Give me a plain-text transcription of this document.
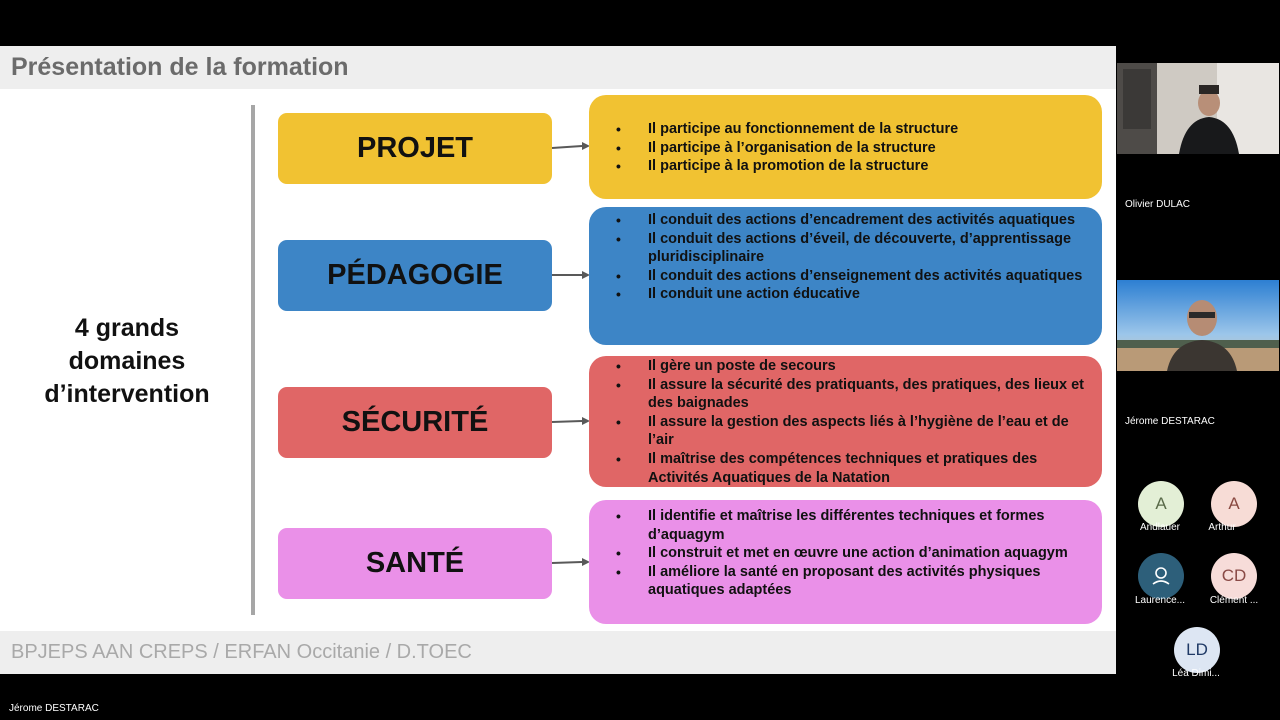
Présentation de la formation
4 grands
domaines
d’intervention
PROJET
• Il participe au fonctionnement de la structure
• Il participe à l’organisation de la structure
• Il participe à la promotion de la structure
PÉDAGOGIE
• Il conduit des actions d’encadrement des activités aquatiques
• Il conduit des actions d’éveil, de découverte, d’apprentissage pluridisciplinaire
• Il conduit des actions d’enseignement des activités aquatiques
• Il conduit une action éducative
SÉCURITÉ
• Il gère un poste de secours
• Il assure la sécurité des pratiquants, des pratiques, des lieux et des baignades
• Il assure la gestion des aspects liés à l’hygiène de l’eau et de l’air
• Il maîtrise des compétences techniques et pratiques des Activités Aquatiques de la Natation
SANTÉ
• Il identifie et maîtrise les différentes techniques et formes d’aquagym
• Il construit et met en œuvre une action d’animation aquagym
• Il améliore la santé en proposant des activités physiques aquatiques adaptées
BPJEPS AAN CREPS / ERFAN Occitanie / D.TOEC
Olivier DULAC
Jérome DESTARAC
A
Andlauer
A
Arthur
Laurence...
CD
Clément ...
LD
Léa Dimi...
Jérome DESTARAC
